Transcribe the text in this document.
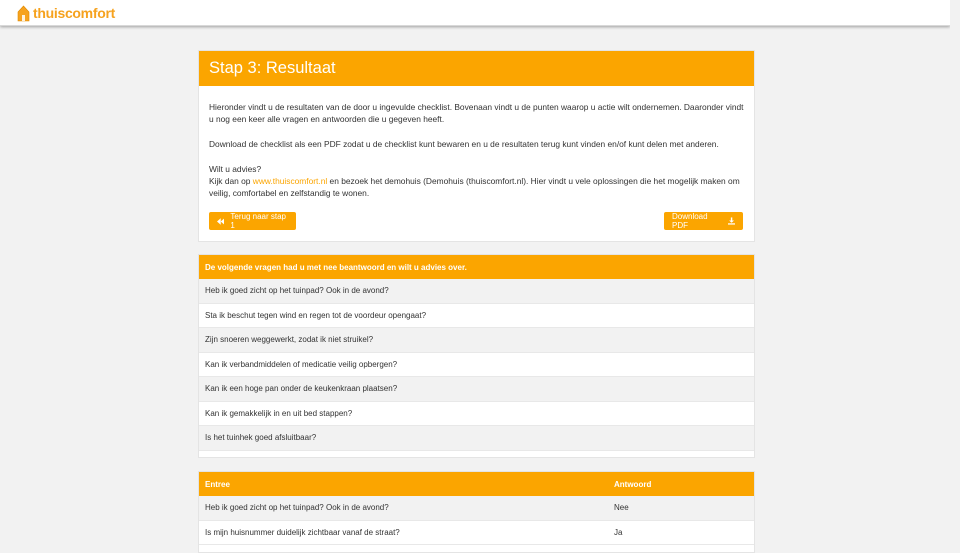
thuiscomfort
Stap 3: Resultaat

Hieronder vindt u de resultaten van de door u ingevulde checklist. Bovenaan vindt u de punten waarop u actie wilt ondernemen. Daaronder vindt u nog een keer alle vragen en antwoorden die u gegeven heeft.

Download de checklist als een PDF zodat u de checklist kunt bewaren en u de resultaten terug kunt vinden en/of kunt delen met anderen.

Wilt u advies?
Kijk dan op www.thuiscomfort.nl en bezoek het demohuis (Demohuis (thuiscomfort.nl). Hier vindt u vele oplossingen die het mogelijk maken om veilig, comfortabel en zelfstandig te wonen.

Terug naar stap 1
Download PDF
De volgende vragen had u met nee beantwoord en wilt u advies over.
Heb ik goed zicht op het tuinpad? Ook in de avond?
Sta ik beschut tegen wind en regen tot de voordeur opengaat?
Zijn snoeren weggewerkt, zodat ik niet struikel?
Kan ik verbandmiddelen of medicatie veilig opbergen?
Kan ik een hoge pan onder de keukenkraan plaatsen?
Kan ik gemakkelijk in en uit bed stappen?
Is het tuinhek goed afsluitbaar?
Entree	Antwoord
Heb ik goed zicht op het tuinpad? Ook in de avond?	Nee
Is mijn huisnummer duidelijk zichtbaar vanaf de straat?	Ja
